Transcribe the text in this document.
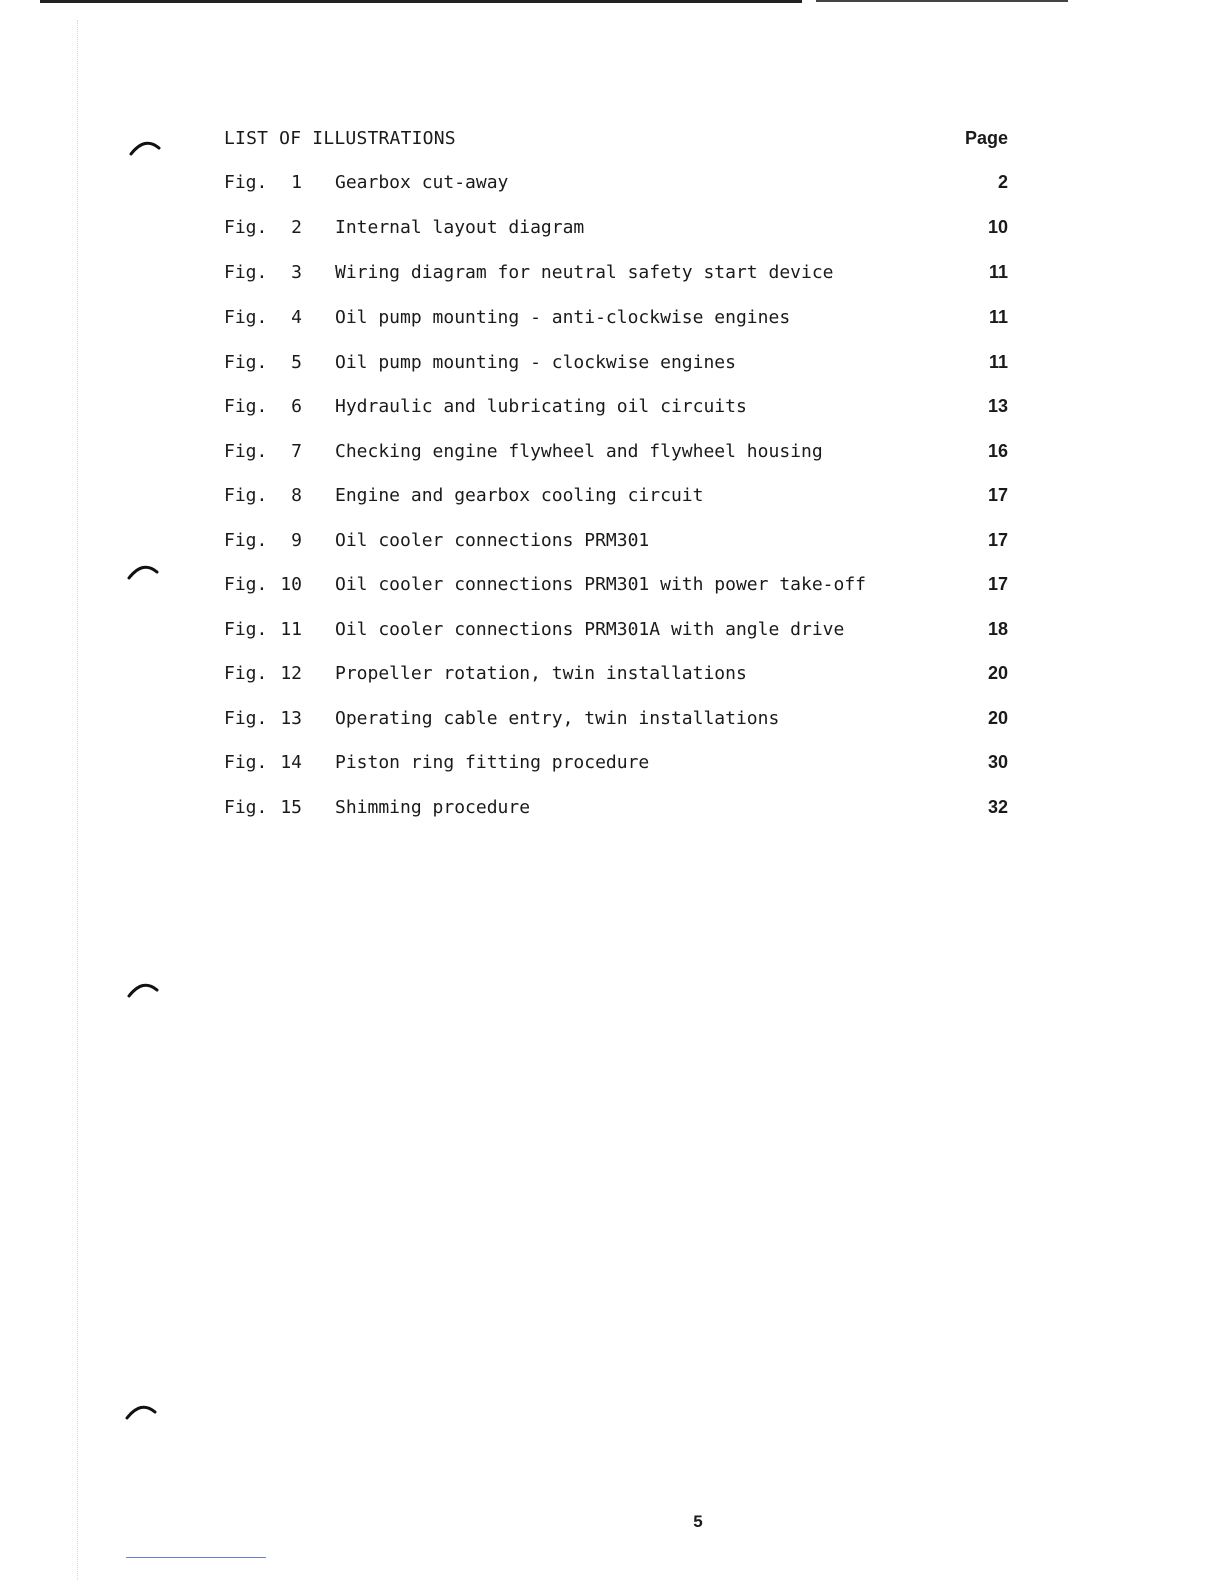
LIST OF ILLUSTRATIONS	Page
Fig.	1 Gearbox cut-away	2
Fig.	2 Internal layout diagram	10
Fig.	3 Wiring diagram for neutral safety start device	11
Fig.	4 Oil pump mounting - anti-clockwise engines	11
Fig.	5 Oil pump mounting - clockwise engines	11
Fig.	6 Hydraulic and lubricating oil circuits	13
Fig.	7 Checking engine flywheel and flywheel housing	16
Fig.	8 Engine and gearbox cooling circuit	17
Fig.	9 Oil cooler connections PRM301	17
Fig. 10 Oil cooler connections PRM301 with power take-off	17
Fig. 11 Oil cooler connections PRM301A with angle drive	18
Fig. 12 Propeller rotation, twin installations	20
Fig. 13 Operating cable entry, twin installations	20
Fig. 14 Piston ring fitting procedure	30
Fig. 15 Shimming procedure	32
5
